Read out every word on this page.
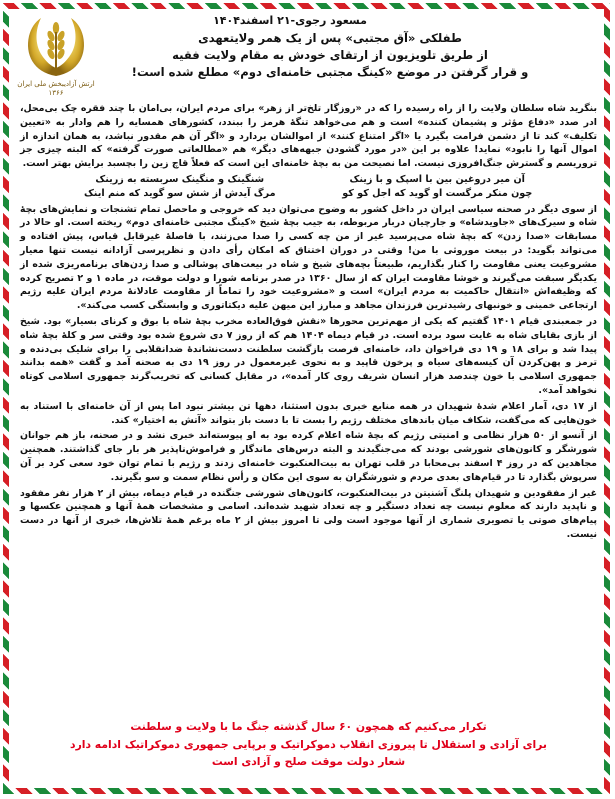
ارتش آزادیبخش ملی ایران
۱۳۶۶
مسعود رجوی-۲۱ اسفند۱۴۰۴
طفلکی «آق مجتبی» پس از یک همر ولایتعهدی
از طریق تلویزیون از ارتقای خودش به مقام ولایت فقیه
و قرار گرفتن در موضع «کینگ مجتبی خامنه‌ای دوم» مطلع شده است!

بنگرید شاه سلطان ولایت را از راه رسیده را که در «روزگار تلخ‌تر از زهر» برای مردم ایران، بی‌امان با چند فقره چک بی‌محل، ادر صدد «دفاع مؤثر و پشیمان کننده» است و هم می‌خواهد تنگهٔ هرمز را ببندد، کشورهای همسایه را هم وادار به «تعیین تکلیف» کند تا از دشمن فرامت بگیرد یا «اگر امتناع کنند» از اموالشان بردارد و «اگر آن هم مقدور نباشد، به همان اندازه از اموال آنها را نابود» نماید! علاوه بر این «در مورد گشودن جبهه‌های دیگر» هم «مطالعاتی صورت گرفته» که البته چیزی جز تروریسم و گسترش جنگ‌افروزی نیست. اما نصیحت من به بچهٔ خامنه‌ای این است که فعلاً قاچ زین را بچسبد برایش بهتر است.

آن میر دروغین بین با اسپک و با زینک
شنگینک و منگینک سربسته به زرینک
چون منکر مرگست او گوید که اجل کو کو
مرگ آیدش از شش سو گوید که منم اینک

از سوی دیگر در صحنه سیاسی ایران در داخل کشور به وضوح می‌توان دید که خروجی و ماحصل تمام تشنجات و نمایش‌های بچهٔ شاه و سیرک‌های «جاویدشاه» و جارچیان دربار مربوطه، به جیب بچهٔ شیخ «کینگ مجتبی خامنه‌ای دوم» ریخته است. او حالا در مسابقات «صدا زدن» که بچهٔ شاه می‌پرسید غیر از من چه کسی را صدا می‌زنند، با فاصلهٔ غیرقابل قیاس، پیش افتاده و می‌تواند بگوید: در بیعت موروثی با من! وقتی در دوران اختناق که امکان رأی دادن و نظرپرسی آزادانه نیست تنها معیار مشروعیت یعنی مقاومت را کنار بگذاریم، طبیعتاً بچه‌های شیخ و شاه در بیعت‌های پوشالی و صدا زدن‌های برنامه‌ریزی شده از یکدیگر سبقت می‌گیرند و خوشا مقاومت ایران که از سال ۱۳۶۰ در صدر برنامه شورا و دولت موقت، در ماده ۱ و ۲ تصریح کرده که وظیفه‌اش «انتقال حاکمیت به مردم ایران» است و «مشروعیت خود را تماماً از مقاومت عادلانهٔ مردم ایران علیه رژیم ارتجاعی خمینی و خونبهای رشیدترین فرزندان مجاهد و مبارز این میهن علیه دیکتاتوری و وابستگی کسب می‌کند».

در جمعبندی قیام ۱۴۰۱ گفتیم که یکی از مهم‌ترین محورها «نقش فوق‌العاده مخرب بچهٔ شاه با بوق و کرنای بسیار» بود. شیخ از بازی بقایای شاه به غایت سود برده است. در قیام دیماه ۱۴۰۴ هم که از روز ۷ دی شروع شده بود وقتی سر و کلهٔ بچهٔ شاه پیدا شد و برای ۱۸ و ۱۹ دی فراخوان داد، خامنه‌ای فرصت بازگشت سلطنت دست‌نشاندهٔ ضدانقلابی را برای شلیک بی‌دنده و ترمز و پهن‌کردن آن کیسه‌های سیاه و پرخون قاپید و به نحوی غیرمعمول در روز ۱۹ دی به صحنه آمد و گفت «همه بدانند جمهوری اسلامی با خون چندصد هزار انسان شریف روی کار آمده»، در مقابل کسانی که تخریب‌گرند جمهوری اسلامی کوتاه نخواهد آمد».

از ۱۷ دی، آمار اعلام شدهٔ شهیدان در همه منابع خبری بدون استثنا، دهها تن بیشتر نبود اما پس از آن خامنه‌ای با استناد به خون‌هایی که می‌گفت، شکاف میان باندهای مختلف رژیم را بست تا با دست باز بتواند «آتش به اختیار» کند.

از آنسو از ۵۰ هزار نظامی و امنیتی رژیم که بچهٔ شاه اعلام کرده بود به او پیوسته‌اند خبری نشد و در صحنه، باز هم جوانان شورشگر و کانون‌های شورشی بودند که می‌جنگیدند و البته درس‌های ماندگار و فراموش‌ناپذیر هر بار جای گذاشتند. همچنین مجاهدین که در روز ۴ اسفند بی‌محابا در قلب تهران به بیت‌العنکبوت خامنه‌ای زدند و رژیم با تمام توان خود سعی کرد بر آن سرپوش بگذارد تا در قیام‌های بعدی مردم و شورشگران به سوی این مکان و رأس نظام سمت و سو بگیرند.

غیر از مفقودین و شهیدان پلنگ آشنیتن در بیت‌العنکبوت، کانون‌های شورشی جنگنده در قیام دیماه، بیش از ۲ هزار نفر مفقود و ناپدید دارند که معلوم نیست چه تعداد دستگیر و چه تعداد شهید شده‌اند. اسامی و مشخصات همهٔ آنها و همچنین عکسها و پیام‌های صوتی یا تصویری شماری از آنها موجود است ولی تا امروز بیش از ۲ ماه برغم همهٔ تلاش‌ها، خبری از آنها در دست نیست.

تکرار می‌کنیم که همچون ۶۰ سال گذشته جنگ ما با ولایت و سلطنت
برای آزادی و استقلال تا پیروزی انقلاب دموکراتیک و برپایی جمهوری دموکراتیک ادامه دارد
شعار دولت موقت صلح و آزادی است
